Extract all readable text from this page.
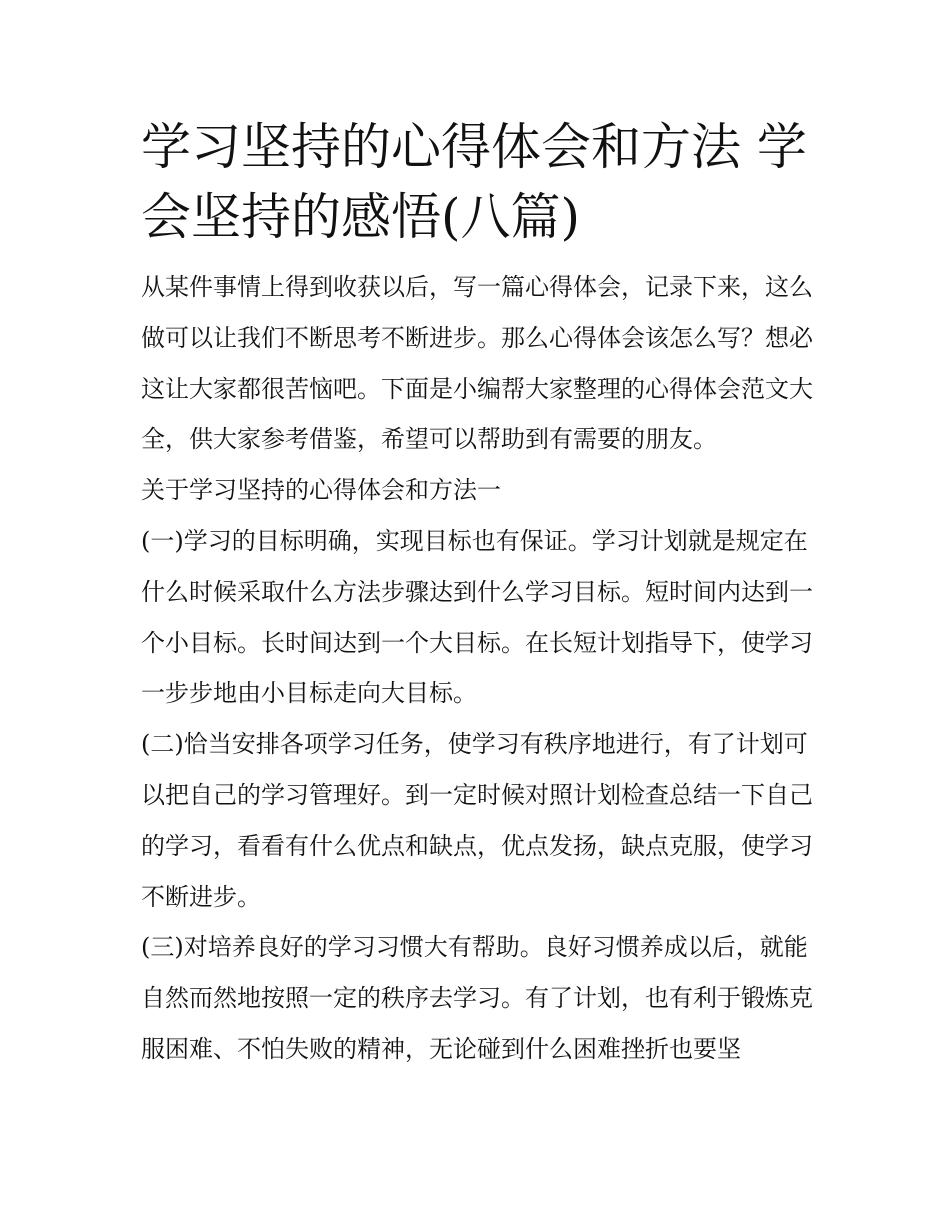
学习坚持的心得体会和方法 学会坚持的感悟(八篇)

从某件事情上得到收获以后，写一篇心得体会，记录下来，这么做可以让我们不断思考不断进步。那么心得体会该怎么写？想必这让大家都很苦恼吧。下面是小编帮大家整理的心得体会范文大全，供大家参考借鉴，希望可以帮助到有需要的朋友。

关于学习坚持的心得体会和方法一

(一)学习的目标明确，实现目标也有保证。学习计划就是规定在什么时候采取什么方法步骤达到什么学习目标。短时间内达到一个小目标。长时间达到一个大目标。在长短计划指导下，使学习一步步地由小目标走向大目标。

(二)恰当安排各项学习任务，使学习有秩序地进行，有了计划可以把自己的学习管理好。到一定时候对照计划检查总结一下自己的学习，看看有什么优点和缺点，优点发扬，缺点克服，使学习不断进步。

(三)对培养良好的学习习惯大有帮助。良好习惯养成以后，就能自然而然地按照一定的秩序去学习。有了计划，也有利于锻炼克服困难、不怕失败的精神，无论碰到什么困难挫折也要坚
